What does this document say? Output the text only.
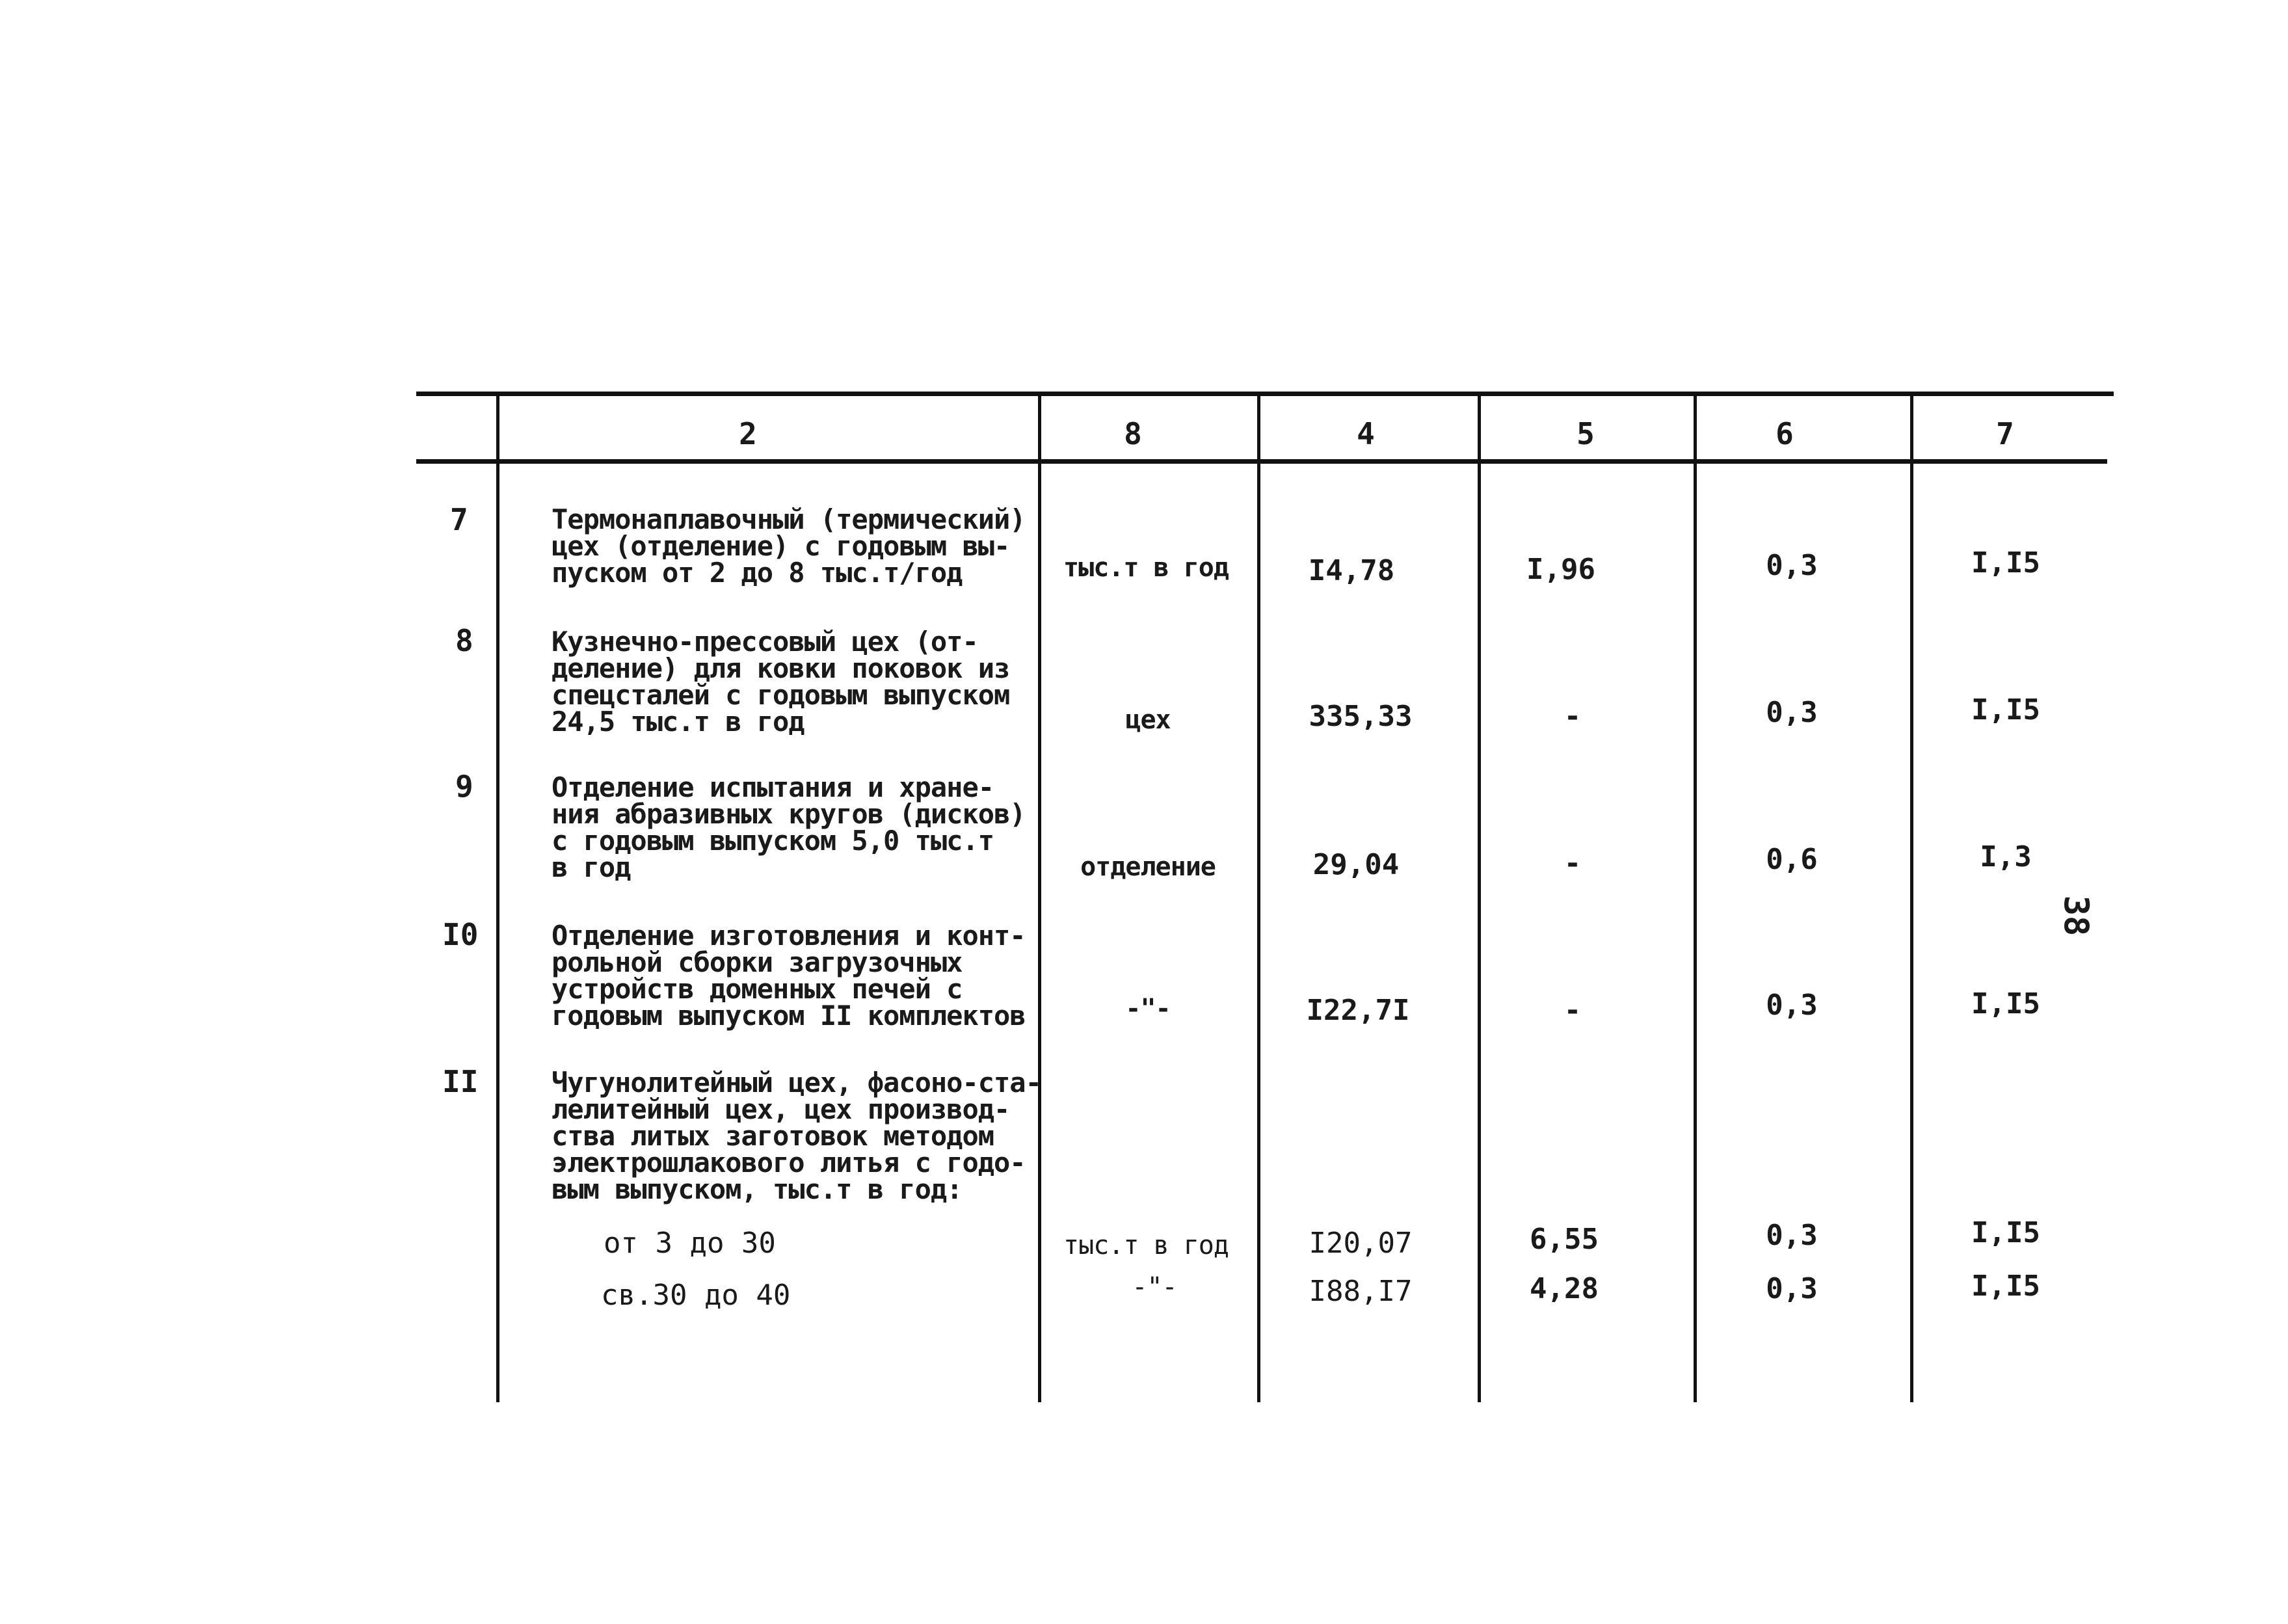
2	8	4	5	6	7
7	Термонаплавочный (термический)
цех (отделение) с годовым вы-
пуском от 2 до 8 тыс.т/год	тыс.т в год	I4,78	I,96	0,3	I,I5
8	Кузнечно-прессовый цех (от-
деление) для ковки поковок из
спецсталей с годовым выпуском
24,5 тыс.т в год	цех	335,33	-	0,3	I,I5
9	Отделение испытания и хране-
ния абразивных кругов (дисков)
с годовым выпуском 5,0 тыс.т
в год	отделение	29,04	-	0,6	I,3
I0	Отделение изготовления и конт-
рольной сборки загрузочных
устройств доменных печей с
годовым выпуском II комплектов	-"-	I22,7I	-	0,3	I,I5
II	Чугунолитейный цех, фасоно-ста-
лелитейный цех, цех производ-
ства литых заготовок методом
электрошлакового литья с годо-
вым выпуском, тыс.т в год:
от 3 до 30	тыс.т в год	I20,07	6,55	0,3	I,I5
св.30 до 40	-"-	I88,I7	4,28	0,3	I,I5
38
